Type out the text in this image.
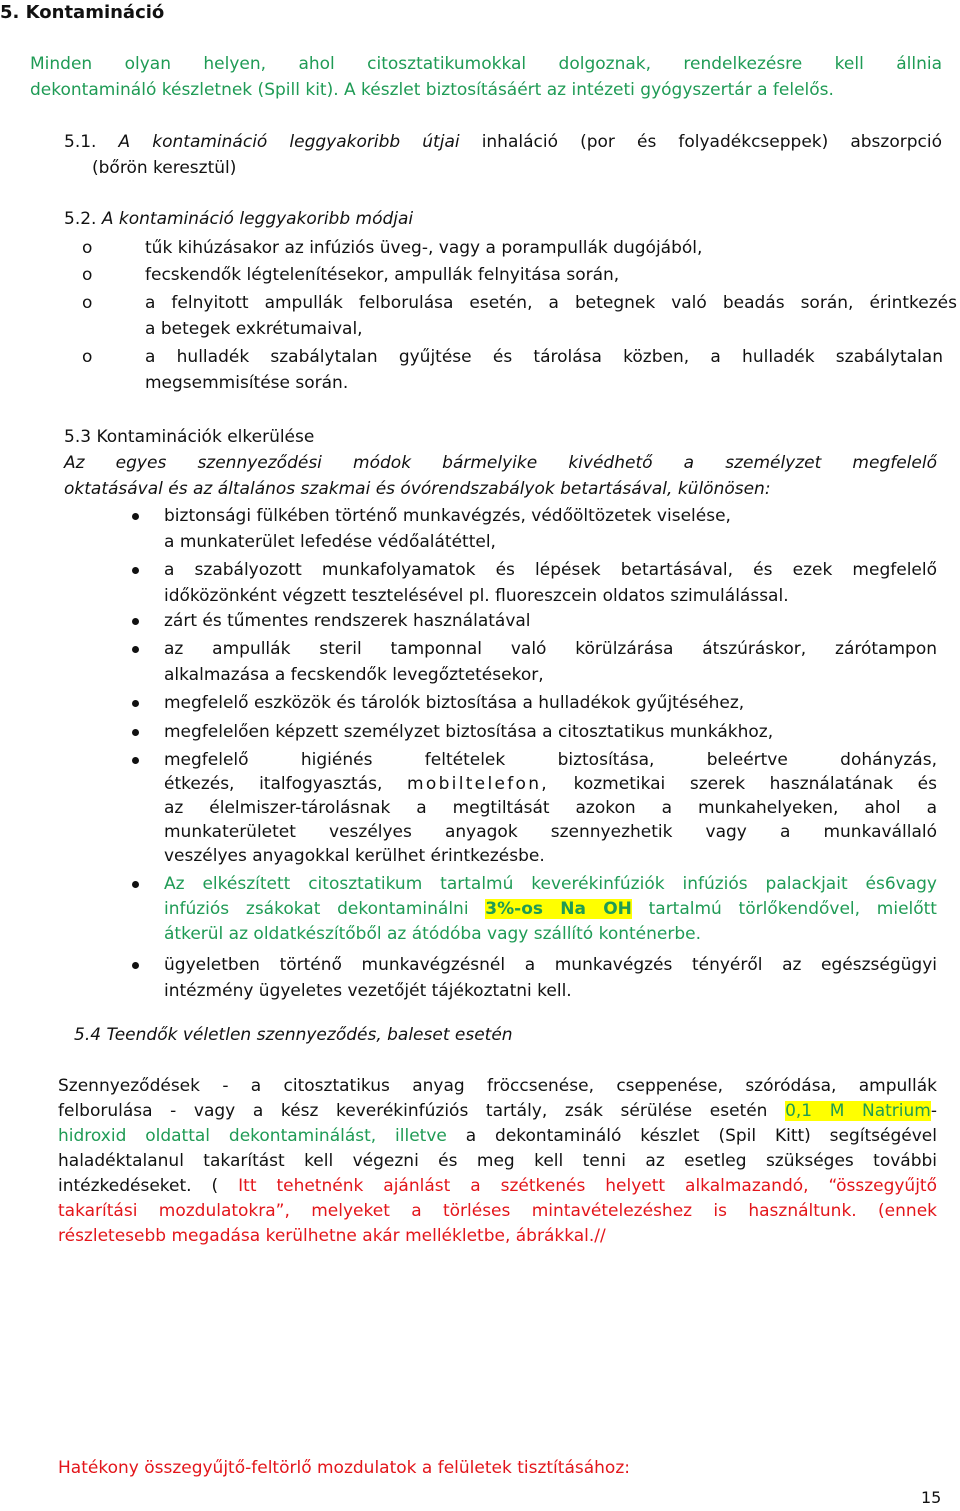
5. Kontamináció
Minden olyan helyen, ahol citosztatikumokkal dolgoznak, rendelkezésre kell állnia
dekontamináló készletnek (Spill kit). A készlet biztosításáért az intézeti gyógyszertár a felelős.
5.1. A kontamináció leggyakoribb útjai inhaláció (por és folyadékcseppek) abszorpció
(bőrön keresztül)
5.2. A kontamináció leggyakoribb módjai
o	tűk kihúzásakor az infúziós üveg-, vagy a porampullák dugójából,
o	fecskendők légtelenítésekor, ampullák felnyitása során,
o	a felnyitott ampullák felborulása esetén, a betegnek való beadás során, érintkezés
a betegek exkrétumaival,
o	a hulladék szabálytalan gyűjtése és tárolása közben, a hulladék szabálytalan
megsemmisítése során.
5.3 Kontaminációk elkerülése
Az egyes szennyeződési módok bármelyike kivédhető a személyzet megfelelő
oktatásával és az általános szakmai és óvórendszabályok betartásával, különösen:
biztonsági fülkében történő munkavégzés, védőöltözetek viselése,
a munkaterület lefedése védőalátéttel,
a szabályozott munkafolyamatok és lépések betartásával, és ezek megfelelő
időközönként végzett tesztelésével pl. fluoreszcein oldatos szimulálással.
zárt és tűmentes rendszerek használatával
az ampullák steril tamponnal való körülzárása átszúráskor, zárótampon
alkalmazása a fecskendők levegőztetésekor,
megfelelő eszközök és tárolók biztosítása a hulladékok gyűjtéséhez,
megfelelően képzett személyzet biztosítása a citosztatikus munkákhoz,
megfelelő higiénés feltételek biztosítása, beleértve dohányzás,
étkezés, italfogyasztás, mobiltelefon, kozmetikai szerek használatának és
az élelmiszer-tárolásnak a megtiltását azokon a munkahelyeken, ahol a
munkaterületet veszélyes anyagok szennyezhetik vagy a munkavállaló
veszélyes anyagokkal kerülhet érintkezésbe.
Az elkészített citosztatikum tartalmú keverékinfúziók infúziós palackjait és6vagy
infúziós zsákokat dekontaminálni 3%-os Na OH tartalmú törlőkendővel, mielőtt
átkerül az oldatkészítőből az átódóba vagy szállító konténerbe.
ügyeletben történő munkavégzésnél a munkavégzés tényéről az egészségügyi
intézmény ügyeletes vezetőjét tájékoztatni kell.
5.4 Teendők véletlen szennyeződés, baleset esetén
Szennyeződések - a citosztatikus anyag fröccsenése, cseppenése, szóródása, ampullák
felborulása - vagy a kész keverékinfúziós tartály, zsák sérülése esetén 0,1 M Natrium-
hidroxid oldattal dekontaminálást, illetve a dekontamináló készlet (Spil Kitt) segítségével
haladéktalanul takarítást kell végezni és meg kell tenni az esetleg szükséges további
intézkedéseket. ( Itt tehetnénk ajánlást a szétkenés helyett alkalmazandó, “összegyűjtő
takarítási mozdulatokra”, melyeket a törléses mintavételezéshez is használtunk. (ennek
részletesebb megadása kerülhetne akár mellékletbe, ábrákkal.//
Hatékony összegyűjtő-feltörlő mozdulatok a felületek tisztításához:
15
